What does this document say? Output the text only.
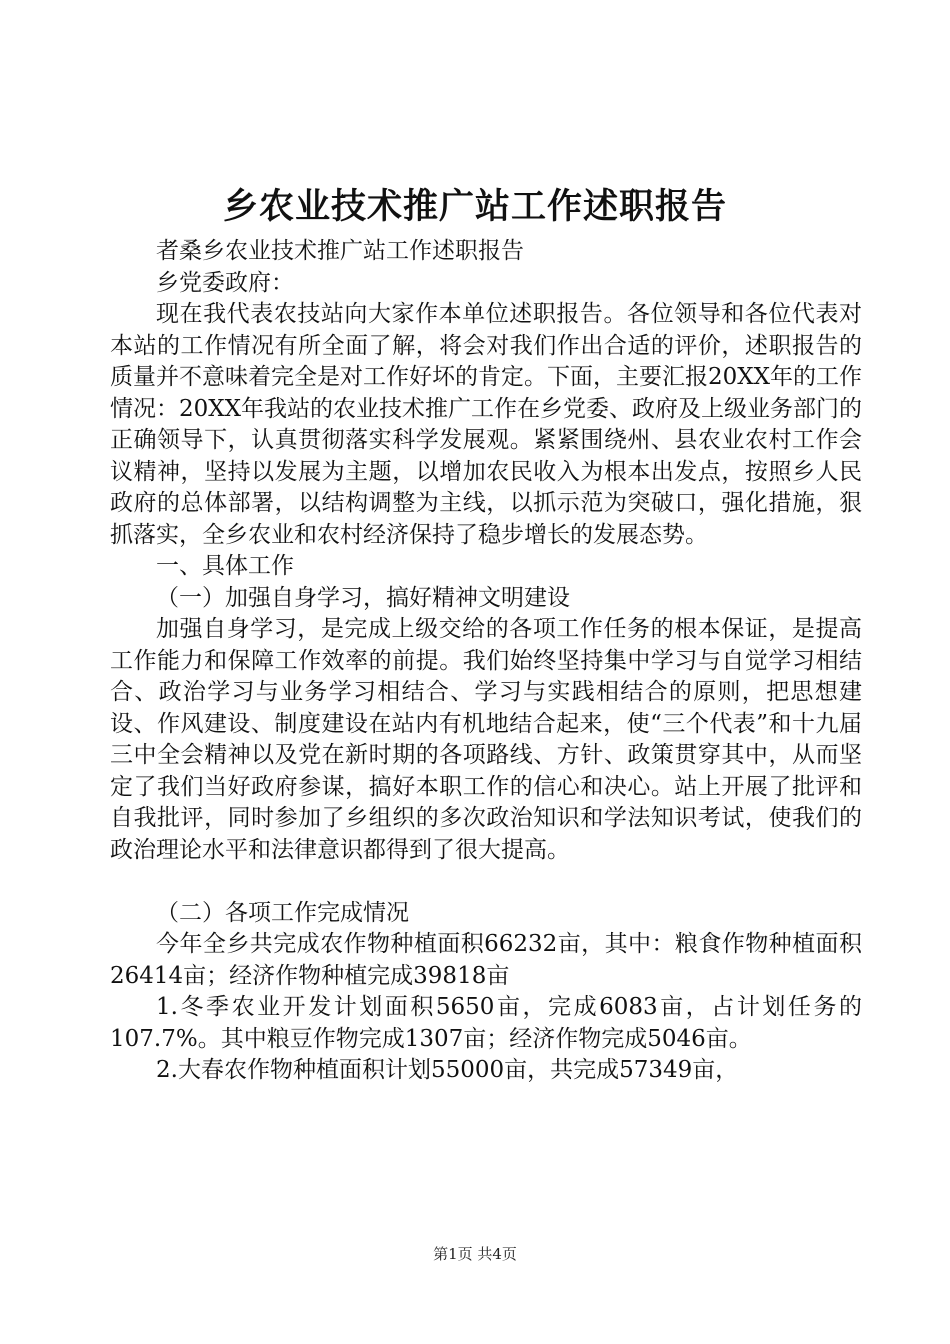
乡农业技术推广站工作述职报告

者桑乡农业技术推广站工作述职报告

乡党委政府：

现在我代表农技站向大家作本单位述职报告。各位领导和各位代表对本站的工作情况有所全面了解，将会对我们作出合适的评价，述职报告的质量并不意味着完全是对工作好坏的肯定。下面，主要汇报20XX年的工作情况：20XX年我站的农业技术推广工作在乡党委、政府及上级业务部门的正确领导下，认真贯彻落实科学发展观。紧紧围绕州、县农业农村工作会议精神，坚持以发展为主题，以增加农民收入为根本出发点，按照乡人民政府的总体部署，以结构调整为主线，以抓示范为突破口，强化措施，狠抓落实，全乡农业和农村经济保持了稳步增长的发展态势。

一、具体工作

（一）加强自身学习，搞好精神文明建设

加强自身学习，是完成上级交给的各项工作任务的根本保证，是提高工作能力和保障工作效率的前提。我们始终坚持集中学习与自觉学习相结合、政治学习与业务学习相结合、学习与实践相结合的原则，把思想建设、作风建设、制度建设在站内有机地结合起来，使“三个代表”和十九届三中全会精神以及党在新时期的各项路线、方针、政策贯穿其中，从而坚定了我们当好政府参谋，搞好本职工作的信心和决心。站上开展了批评和自我批评，同时参加了乡组织的多次政治知识和学法知识考试，使我们的政治理论水平和法律意识都得到了很大提高。

（二）各项工作完成情况

今年全乡共完成农作物种植面积66232亩，其中：粮食作物种植面积26414亩；经济作物种植完成39818亩

1.冬季农业开发计划面积5650亩，完成6083亩，占计划任务的107.7%。其中粮豆作物完成1307亩；经济作物完成5046亩。

2.大春农作物种植面积计划55000亩，共完成57349亩，

第1页 共4页
